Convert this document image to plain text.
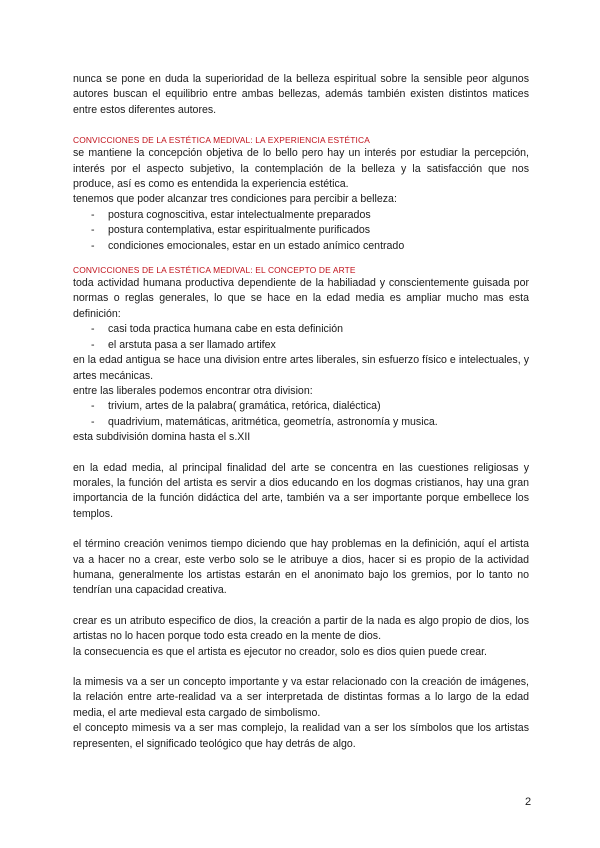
nunca se pone en duda la superioridad de la belleza espiritual sobre la sensible peor algunos autores buscan el equilibrio entre ambas bellezas, además también existen distintos matices entre estos diferentes autores.

CONVICCIONES DE LA ESTÉTICA MEDIVAL: LA EXPERIENCIA ESTÉTICA

se mantiene la concepción objetiva de lo bello pero hay un interés por estudiar la percepción, interés por el aspecto subjetivo, la contemplación de la belleza y la satisfacción que nos produce, así es como es entendida la experiencia estética.

tenemos que poder alcanzar tres condiciones para percibir a belleza:

- postura cognoscitiva, estar intelectualmente preparados
- postura contemplativa, estar espiritualmente purificados
- condiciones emocionales, estar en un estado anímico centrado

CONVICCIONES DE LA ESTÉTICA MEDIVAL: EL CONCEPTO DE ARTE

toda actividad humana productiva dependiente de la habiliadad y conscientemente guisada por normas o reglas generales, lo que se hace en la edad media es ampliar mucho mas esta definición:

- casi toda practica humana cabe en esta definición
- el arstuta pasa a ser llamado artifex

en la edad antigua se hace una division entre artes liberales, sin esfuerzo físico e intelectuales, y artes mecánicas.

entre las liberales podemos encontrar otra division:

- trivium, artes de la palabra( gramática, retórica, dialéctica)
- quadrivium, matemáticas, aritmética, geometría, astronomía y musica.

esta subdivisión domina hasta el s.XII

en la edad media, al principal finalidad del arte se concentra en las cuestiones religiosas y morales, la función del artista es servir a dios educando en los dogmas cristianos, hay una gran importancia de la función didáctica del arte, también va a ser importante porque embellece los templos.

el término creación venimos tiempo diciendo que hay problemas en la definición, aquí el artista va a hacer no a crear, este verbo solo se le atribuye a dios, hacer si es propio de la actividad humana, generalmente los artistas estarán en el anonimato bajo los gremios, por lo tanto no tendrían una capacidad creativa.

crear es un atributo especifico de dios, la creación a partir de la nada es algo propio de dios, los artistas no lo hacen porque todo esta creado en la mente de dios.

la consecuencia es que el artista es ejecutor no creador, solo es dios quien puede crear.

la mimesis va a ser un concepto importante y va estar relacionado con la creación de imágenes, la relación entre arte-realidad va a ser interpretada de distintas formas a lo largo de la edad media, el arte medieval esta cargado de simbolismo.

el concepto mimesis va a ser mas complejo, la realidad van a ser los símbolos que los artistas representen, el significado teológico que hay detrás de algo.

2
